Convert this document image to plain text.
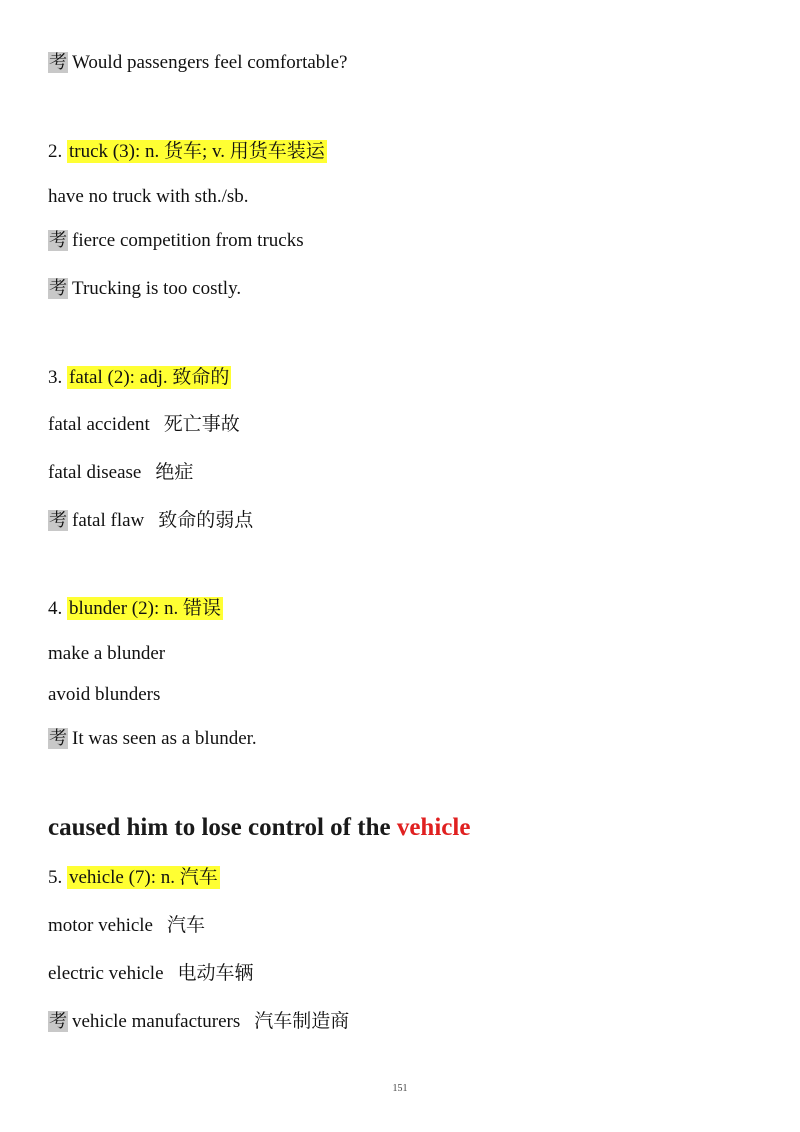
考 Would passengers feel comfortable?
2. truck (3): n. 货车; v. 用货车装运
have no truck with sth./sb.
考 fierce competition from trucks
考 Trucking is too costly.
3. fatal (2): adj. 致命的
fatal accident 死亡事故
fatal disease 绝症
考 fatal flaw 致命的弱点
4. blunder (2): n. 错误
make a blunder
avoid blunders
考 It was seen as a blunder.
caused him to lose control of the vehicle
5. vehicle (7): n. 汽车
motor vehicle 汽车
electric vehicle 电动车辆
考 vehicle manufacturers 汽车制造商
151
